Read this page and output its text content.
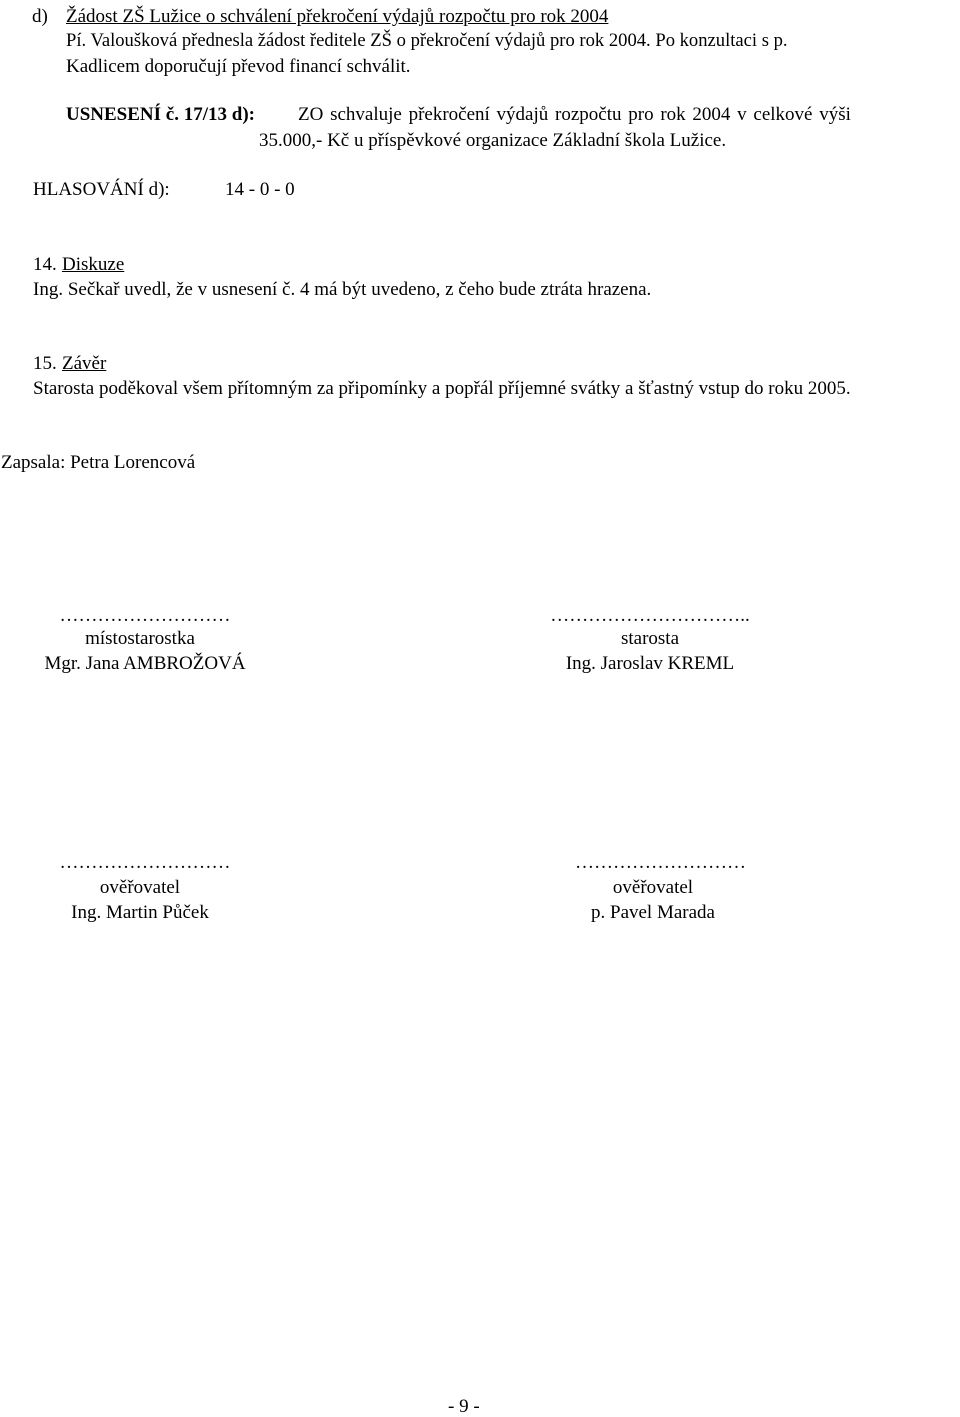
d) Žádost ZŠ Lužice o schválení překročení výdajů rozpočtu pro rok 2004
Pí. Valoušková přednesla žádost ředitele ZŠ o překročení výdajů pro rok 2004. Po konzultaci s p.
Kadlicem doporučují převod financí schválit.
USNESENÍ č. 17/13 d): ZO schvaluje překročení výdajů rozpočtu pro rok 2004 v celkové výši
35.000,- Kč u příspěvkové organizace Základní škola Lužice.
HLASOVÁNÍ d):	14 - 0 - 0
14. Diskuze
Ing. Sečkař uvedl, že v usnesení č. 4 má být uvedeno, z čeho bude ztráta hrazena.
15. Závěr
Starosta poděkoval všem přítomným za připomínky a popřál příjemné svátky a šťastný vstup do roku 2005.
Zapsala: Petra Lorencová
………………………
místostarostka
Mgr. Jana AMBROŽOVÁ
…………………………..
starosta
Ing. Jaroslav KREML
………………………
ověřovatel
Ing. Martin Půček
………………………
ověřovatel
p. Pavel Marada
- 9 -
